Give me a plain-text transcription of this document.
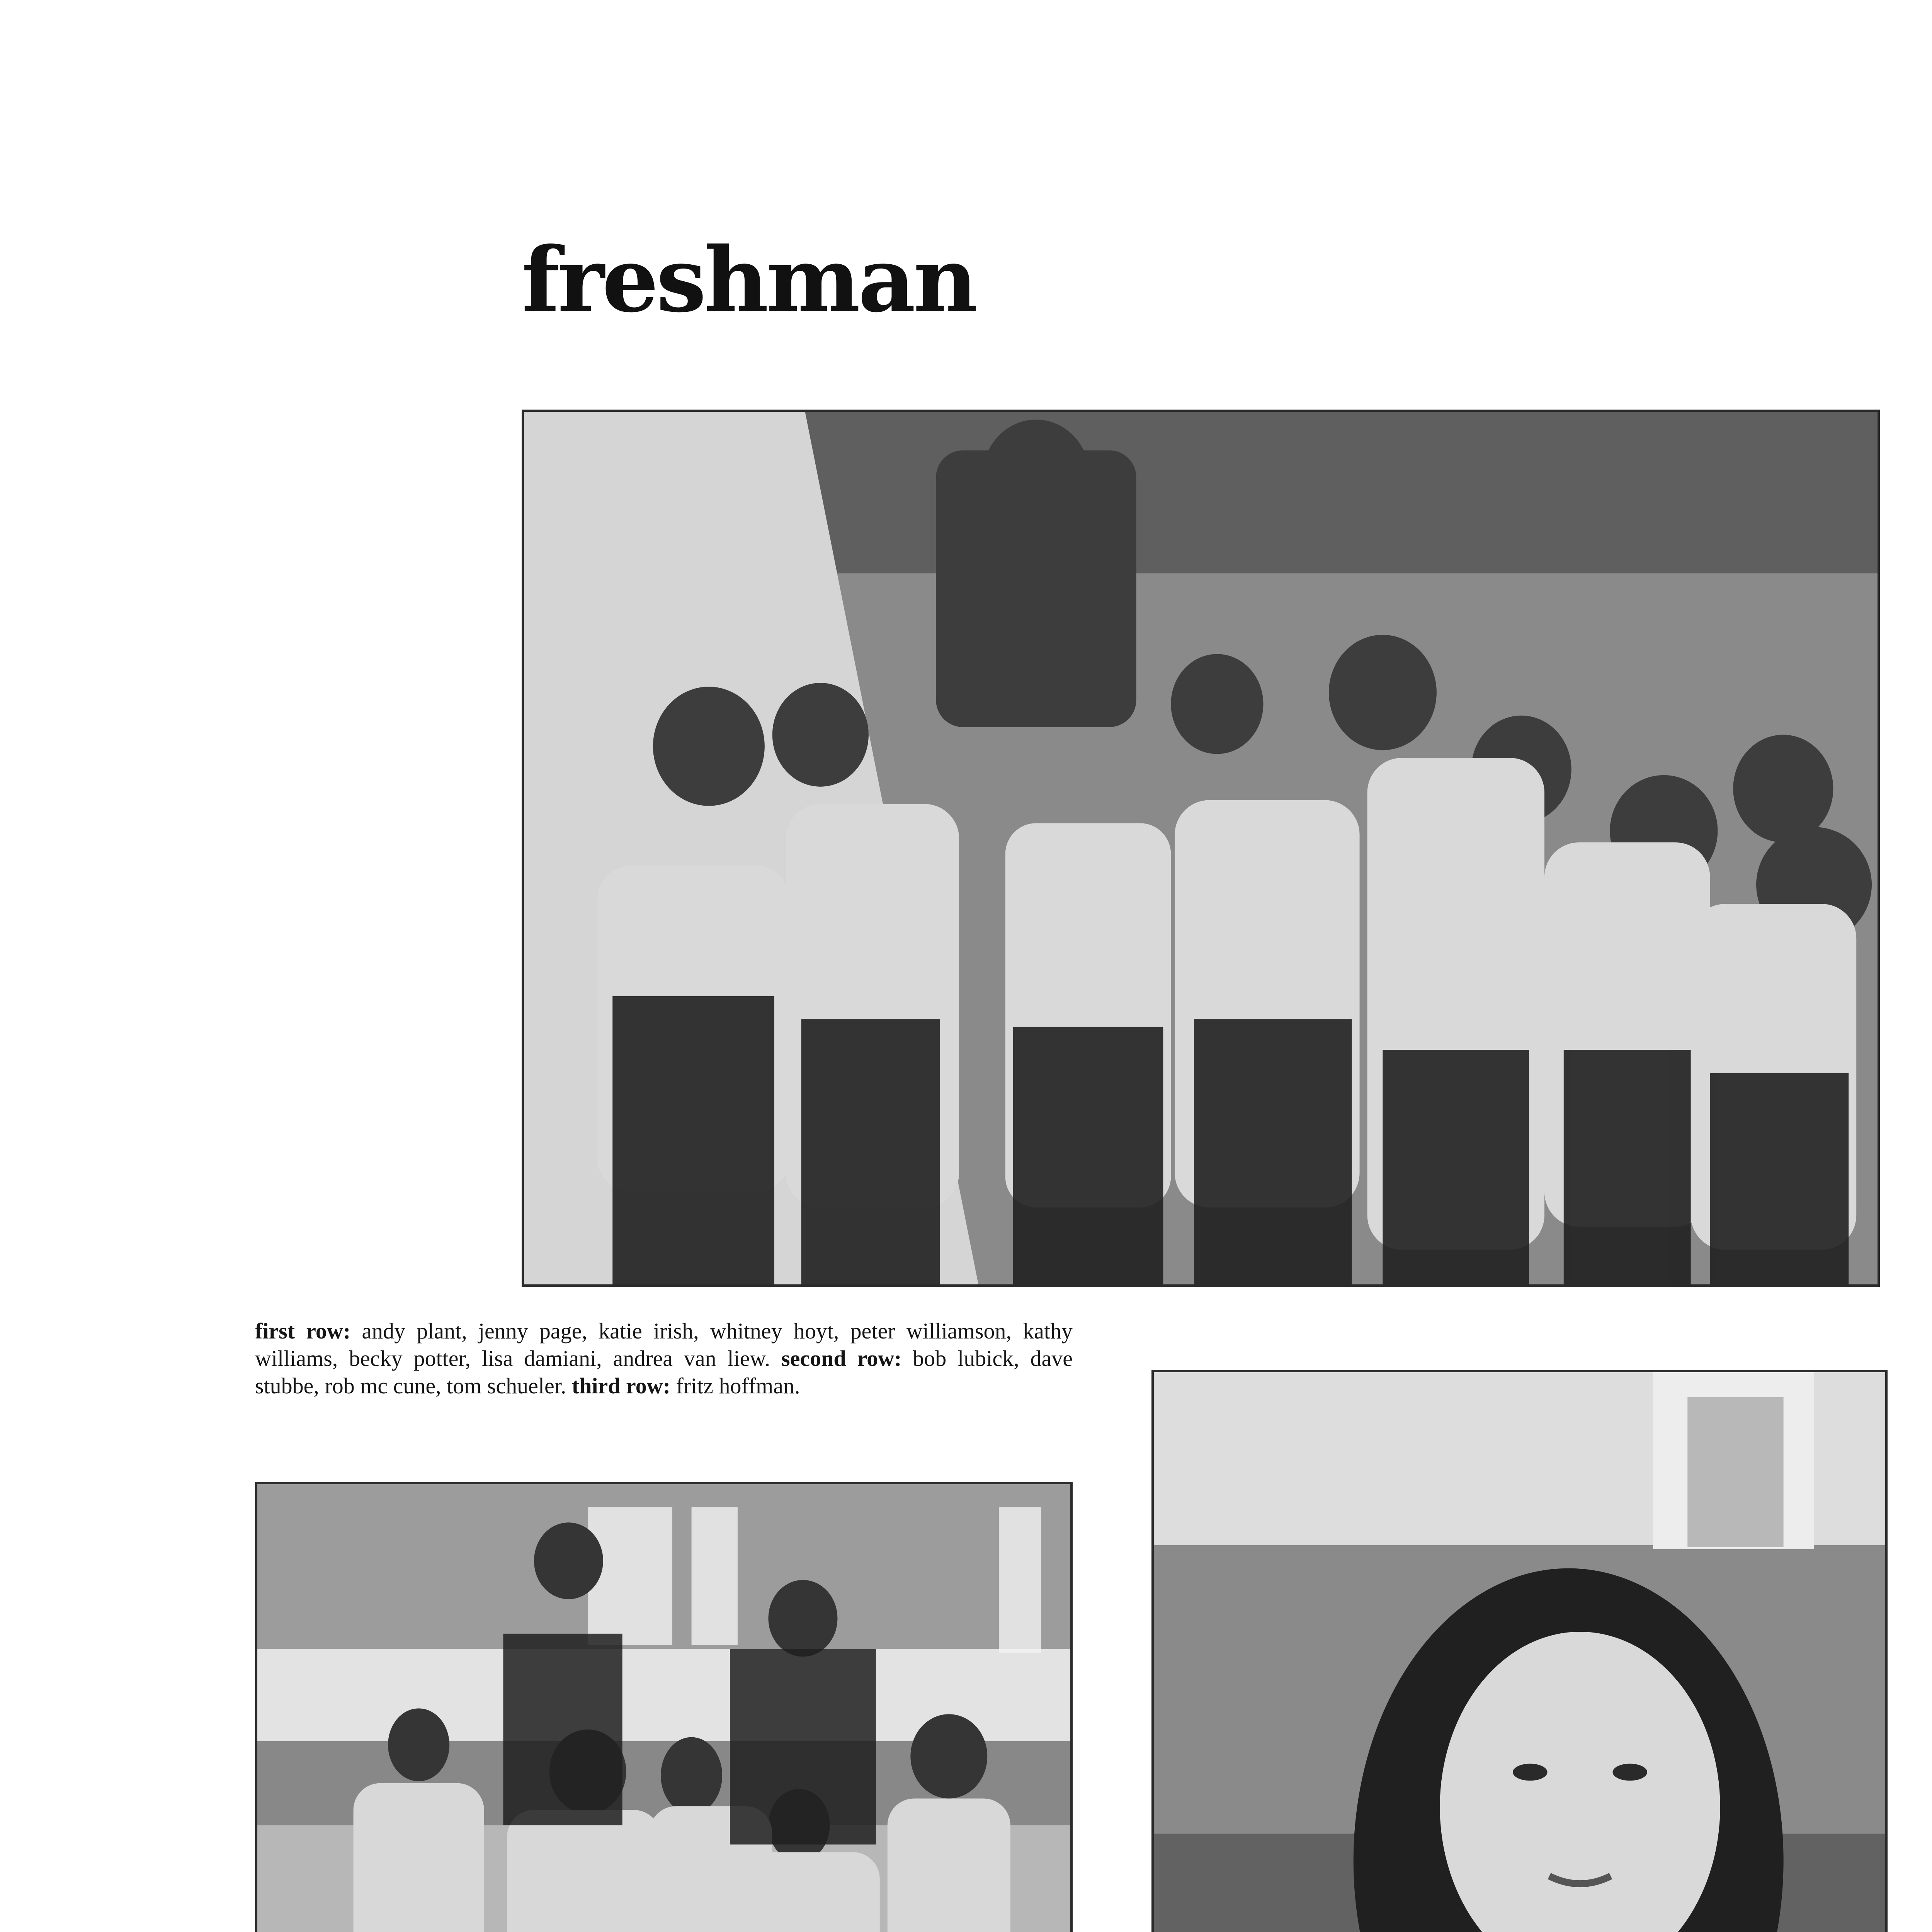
freshman

first row: andy plant, jenny page, katie irish, whitney hoyt, peter williamson, kathy williams, becky potter, lisa damiani, andrea van liew. second row: bob lubick, dave stubbe, rob mc cune, tom schueler. third row: fritz hoffman.
